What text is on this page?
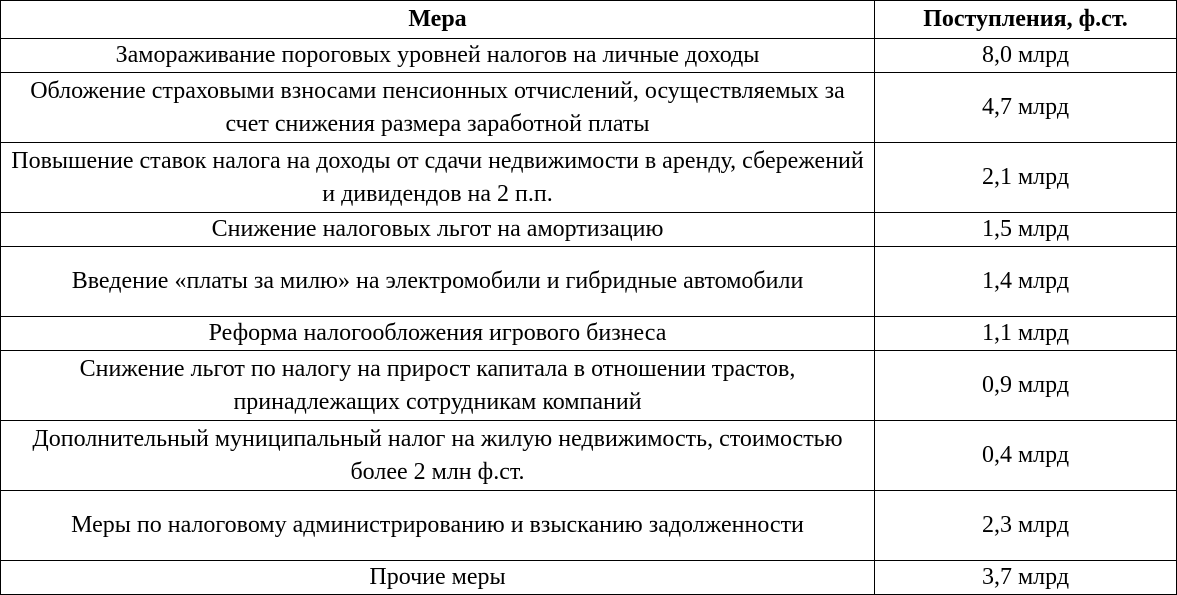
Мера	Поступления, ф.ст.
Замораживание пороговых уровней налогов на личные доходы	8,0 млрд
Обложение страховыми взносами пенсионных отчислений, осуществляемых за счет снижения размера заработной платы	4,7 млрд
Повышение ставок налога на доходы от сдачи недвижимости в аренду, сбережений и дивидендов на 2 п.п.	2,1 млрд
Снижение налоговых льгот на амортизацию	1,5 млрд
Введение «платы за милю» на электромобили и гибридные автомобили	1,4 млрд
Реформа налогообложения игрового бизнеса	1,1 млрд
Снижение льгот по налогу на прирост капитала в отношении трастов, принадлежащих сотрудникам компаний	0,9 млрд
Дополнительный муниципальный налог на жилую недвижимость, стоимостью более 2 млн ф.ст.	0,4 млрд
Меры по налоговому администрированию и взысканию задолженности	2,3 млрд
Прочие меры	3,7 млрд
